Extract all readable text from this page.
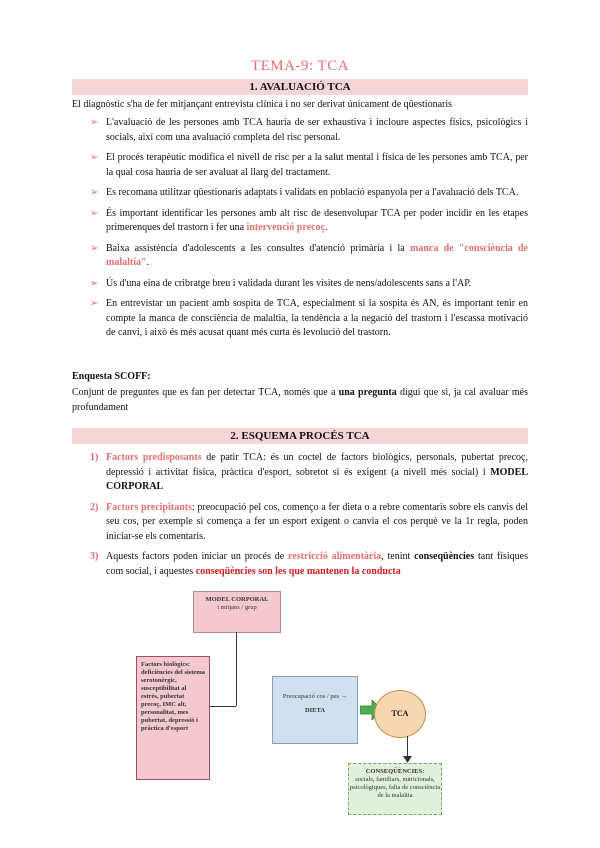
TEMA-9: TCA
1. AVALUACIÓ TCA
El diagnòstic s'ha de fer mitjançant entrevista clínica i no ser derivat únicament de qüestionaris
➢ L'avaluació de les persones amb TCA hauria de ser exhaustiva i incloure aspectes físics, psicològics i socials, així com una avaluació completa del risc personal.
➢ El procés terapèutic modifica el nivell de risc per a la salut mental i física de les persones amb TCA, per la qual cosa hauria de ser avaluat al llarg del tractament.
➢ Es recomana utilitzar qüestionaris adaptats i validats en població espanyola per a l'avaluació dels TCA.
➢ És important identificar les persones amb alt risc de desenvolupar TCA per poder incidir en les etapes primerenques del trastorn i fer una intervenció precoç.
➢ Baixa assistència d'adolescents a les consultes d'atenció primària i la manca de "consciència de malaltia".
➢ Ús d'una eina de cribratge breu i validada durant les visites de nens/adolescents sans a l'AP.
➢ En entrevistar un pacient amb sospita de TCA, especialment si la sospita és AN, és important tenir en compte la manca de consciència de malaltia, la tendència a la negació del trastorn i l'escassa motivació de canvi, i això és més acusat quant més curta és levolució del trastorn.
Enquesta SCOFF:
Conjunt de preguntes que es fan per detectar TCA, només que a una pregunta digui que si, ja cal avaluar més profundament
2. ESQUEMA PROCÉS TCA
1) Factors predisposants de patir TCA: és un coctel de factors biològics, personals, pubertat precoç, depressió i activitat física, pràctica d'esport, sobretot si és exigent (a nivell més social) i MODEL CORPORAL
2) Factors precipitants: preocupació pel cos, començo a fer dieta o a rebre comentaris sobre els canvis del seu cos, per exemple si comença a fer un esport exigent o canvia el cos perquè ve la 1r regla, poden iniciar-se els comentaris.
3) Aquests factors poden iniciar un procés de restricció alimentària, tenint conseqüències tant físiques com social, i aquestes conseqüències son les que mantenen la conducta
MODEL CORPORAL
i mitjans / grup
Factors biològics: deficiències del sistema serotonèrgic, susceptibilitat al estrès, pubertat precoç, IMC alt, personalitat, mes pubertat, depressió i pràctica d'esport
Preocupació cos / pes →
DIETA	TCA
CONSEQÜÈNCIES:
socials, familiars, nutricionals, psicològiques, falta de consciència de la malaltia
